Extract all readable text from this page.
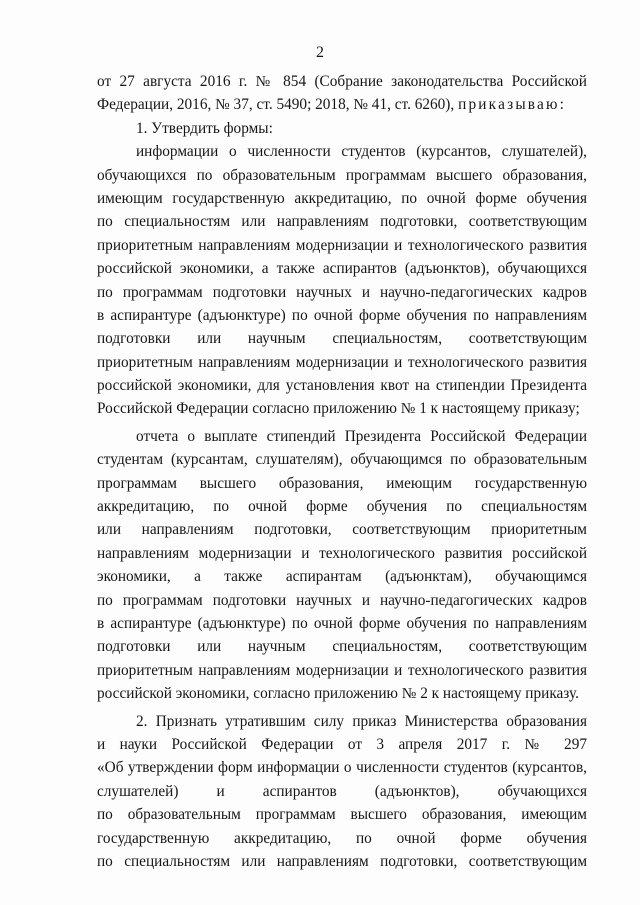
2
от 27 августа 2016 г. № 854 (Собрание законодательства Российской
Федерации, 2016, № 37, ст. 5490; 2018, № 41, ст. 6260), приказываю:
1. Утвердить формы:
информации о численности студентов (курсантов, слушателей),
обучающихся по образовательным программам высшего образования,
имеющим государственную аккредитацию, по очной форме обучения
по специальностям или направлениям подготовки, соответствующим
приоритетным направлениям модернизации и технологического развития
российской экономики, а также аспирантов (адъюнктов), обучающихся
по программам подготовки научных и научно-педагогических кадров
в аспирантуре (адъюнктуре) по очной форме обучения по направлениям
подготовки или научным специальностям, соответствующим
приоритетным направлениям модернизации и технологического развития
российской экономики, для установления квот на стипендии Президента
Российской Федерации согласно приложению № 1 к настоящему приказу;
отчета о выплате стипендий Президента Российской Федерации
студентам (курсантам, слушателям), обучающимся по образовательным
программам высшего образования, имеющим государственную
аккредитацию, по очной форме обучения по специальностям
или направлениям подготовки, соответствующим приоритетным
направлениям модернизации и технологического развития российской
экономики, а также аспирантам (адъюнктам), обучающимся
по программам подготовки научных и научно-педагогических кадров
в аспирантуре (адъюнктуре) по очной форме обучения по направлениям
подготовки или научным специальностям, соответствующим
приоритетным направлениям модернизации и технологического развития
российской экономики, согласно приложению № 2 к настоящему приказу.
2. Признать утратившим силу приказ Министерства образования
и науки Российской Федерации от 3 апреля 2017 г. № 297
«Об утверждении форм информации о численности студентов (курсантов,
слушателей) и аспирантов (адъюнктов), обучающихся
по образовательным программам высшего образования, имеющим
государственную аккредитацию, по очной форме обучения
по специальностям или направлениям подготовки, соответствующим
